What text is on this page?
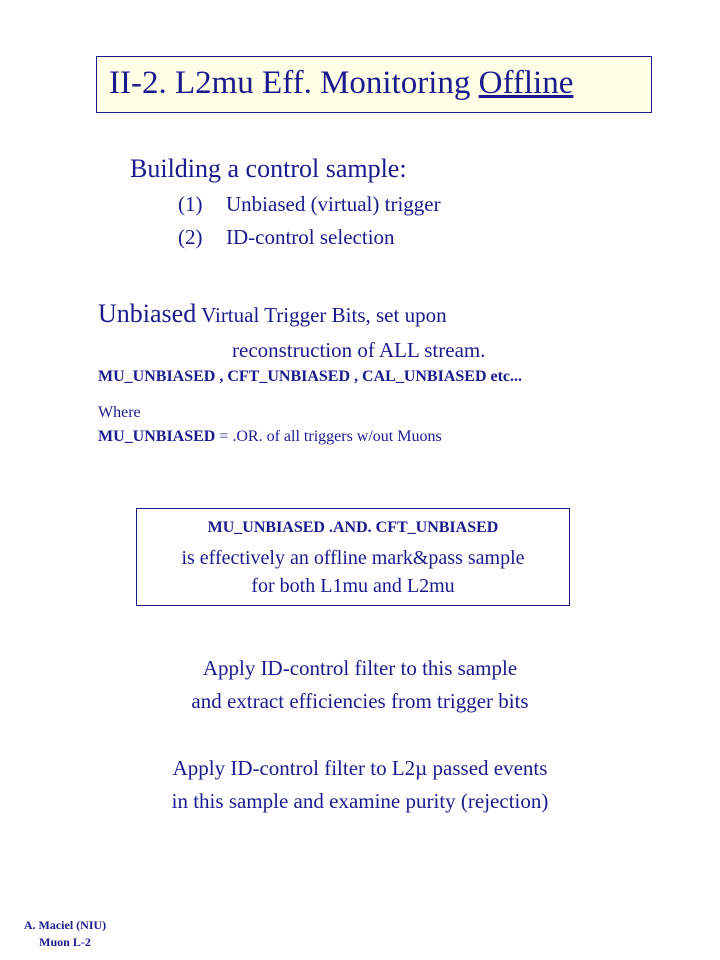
II-2. L2mu Eff. Monitoring Offline
Building a control sample:
(1) Unbiased (virtual) trigger
(2) ID-control selection
Unbiased Virtual Trigger Bits, set upon
reconstruction of ALL stream.
MU_UNBIASED , CFT_UNBIASED , CAL_UNBIASED etc...
Where
MU_UNBIASED = .OR. of all triggers w/out Muons
MU_UNBIASED .AND. CFT_UNBIASED
is effectively an offline mark&pass sample
for both L1mu and L2mu
Apply ID-control filter to this sample
and extract efficiencies from trigger bits
Apply ID-control filter to L2µ passed events
in this sample and examine purity (rejection)
A. Maciel (NIU)
Muon L-2
